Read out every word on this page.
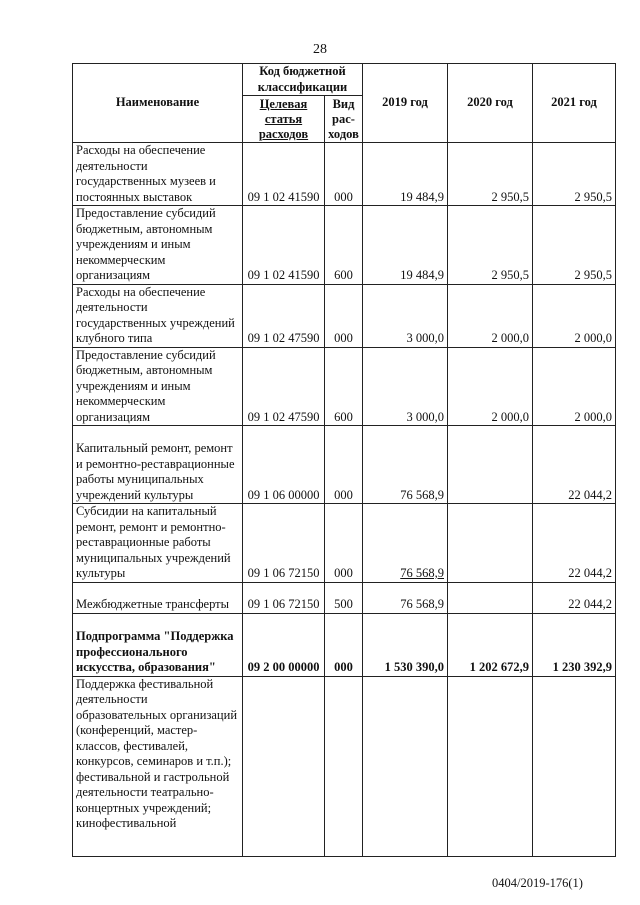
28
Наименование	Код бюджетной классификации		2019 год	2020 год	2021 год
	Целевая статья расходов	Вид рас-ходов			
Расходы на обеспечение деятельности государственных музеев и постоянных выставок	09 1 02 41590	000	19 484,9	2 950,5	2 950,5
Предоставление субсидий бюджетным, автономным учреждениям и иным некоммерческим организациям	09 1 02 41590	600	19 484,9	2 950,5	2 950,5
Расходы на обеспечение деятельности государственных учреждений клубного типа	09 1 02 47590	000	3 000,0	2 000,0	2 000,0
Предоставление субсидий бюджетным, автономным учреждениям и иным некоммерческим организациям	09 1 02 47590	600	3 000,0	2 000,0	2 000,0
Капитальный ремонт, ремонт и ремонтно-реставрационные работы муниципальных учреждений культуры	09 1 06 00000	000	76 568,9		22 044,2
Субсидии на капитальный ремонт, ремонт и ремонтно-реставрационные работы муниципальных учреждений культуры	09 1 06 72150	000	76 568,9		22 044,2
Межбюджетные трансферты	09 1 06 72150	500	76 568,9		22 044,2
Подпрограмма "Поддержка профессионального искусства, образования"	09 2 00 00000	000	1 530 390,0	1 202 672,9	1 230 392,9
Поддержка фестивальной деятельности образовательных организаций (конференций, мастер-классов, фестивалей, конкурсов, семинаров и т.п.); фестивальной и гастрольной деятельности театрально-концертных учреждений; кинофестивальной					
0404/2019-176(1)
